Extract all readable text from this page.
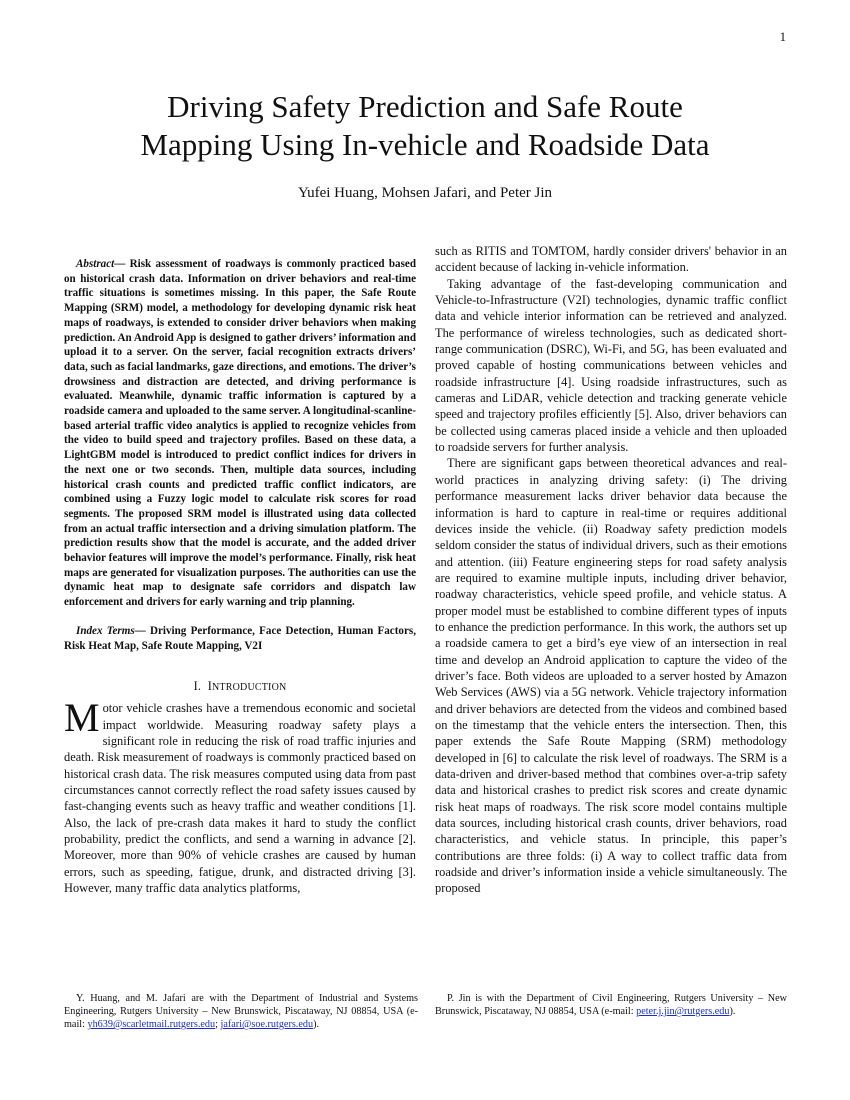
1
Driving Safety Prediction and Safe Route
Mapping Using In-vehicle and Roadside Data
Yufei Huang, Mohsen Jafari, and Peter Jin

Abstract— Risk assessment of roadways is commonly practiced based on historical crash data. Information on driver behaviors and real-time traffic situations is sometimes missing. In this paper, the Safe Route Mapping (SRM) model, a methodology for developing dynamic risk heat maps of roadways, is extended to consider driver behaviors when making prediction. An Android App is designed to gather drivers’ information and upload it to a server. On the server, facial recognition extracts drivers’ data, such as facial landmarks, gaze directions, and emotions. The driver’s drowsiness and distraction are detected, and driving performance is evaluated. Meanwhile, dynamic traffic information is captured by a roadside camera and uploaded to the same server. A longitudinal-scanline-based arterial traffic video analytics is applied to recognize vehicles from the video to build speed and trajectory profiles. Based on these data, a LightGBM model is introduced to predict conflict indices for drivers in the next one or two seconds. Then, multiple data sources, including historical crash counts and predicted traffic conflict indicators, are combined using a Fuzzy logic model to calculate risk scores for road segments. The proposed SRM model is illustrated using data collected from an actual traffic intersection and a driving simulation platform. The prediction results show that the model is accurate, and the added driver behavior features will improve the model’s performance. Finally, risk heat maps are generated for visualization purposes. The authorities can use the dynamic heat map to designate safe corridors and dispatch law enforcement and drivers for early warning and trip planning.

Index Terms— Driving Performance, Face Detection, Human Factors, Risk Heat Map, Safe Route Mapping, V2I

I. INTRODUCTION

Motor vehicle crashes have a tremendous economic and societal impact worldwide. Measuring roadway safety plays a significant role in reducing the risk of road traffic injuries and death. Risk measurement of roadways is commonly practiced based on historical crash data. The risk measures computed using data from past circumstances cannot correctly reflect the road safety issues caused by fast-changing events such as heavy traffic and weather conditions [1]. Also, the lack of pre-crash data makes it hard to study the conflict probability, predict the conflicts, and send a warning in advance [2]. Moreover, more than 90% of vehicle crashes are caused by human errors, such as speeding, fatigue, drunk, and distracted driving [3]. However, many traffic data analytics platforms,

such as RITIS and TOMTOM, hardly consider drivers' behavior in an accident because of lacking in-vehicle information.

Taking advantage of the fast-developing communication and Vehicle-to-Infrastructure (V2I) technologies, dynamic traffic conflict data and vehicle interior information can be retrieved and analyzed. The performance of wireless technologies, such as dedicated short-range communication (DSRC), Wi-Fi, and 5G, has been evaluated and proved capable of hosting communications between vehicles and roadside infrastructure [4]. Using roadside infrastructures, such as cameras and LiDAR, vehicle detection and tracking generate vehicle speed and trajectory profiles efficiently [5]. Also, driver behaviors can be collected using cameras placed inside a vehicle and then uploaded to roadside servers for further analysis.

There are significant gaps between theoretical advances and real-world practices in analyzing driving safety: (i) The driving performance measurement lacks driver behavior data because the information is hard to capture in real-time or requires additional devices inside the vehicle. (ii) Roadway safety prediction models seldom consider the status of individual drivers, such as their emotions and attention. (iii) Feature engineering steps for road safety analysis are required to examine multiple inputs, including driver behavior, roadway characteristics, vehicle speed profile, and vehicle status. A proper model must be established to combine different types of inputs to enhance the prediction performance. In this work, the authors set up a roadside camera to get a bird’s eye view of an intersection in real time and develop an Android application to capture the video of the driver’s face. Both videos are uploaded to a server hosted by Amazon Web Services (AWS) via a 5G network. Vehicle trajectory information and driver behaviors are detected from the videos and combined based on the timestamp that the vehicle enters the intersection. Then, this paper extends the Safe Route Mapping (SRM) methodology developed in [6] to calculate the risk level of roadways. The SRM is a data-driven and driver-based method that combines over-a-trip safety data and historical crashes to predict risk scores and create dynamic risk heat maps of roadways. The risk score model contains multiple data sources, including historical crash counts, driver behaviors, road characteristics, and vehicle status. In principle, this paper’s contributions are three folds: (i) A way to collect traffic data from roadside and driver’s information inside a vehicle simultaneously. The proposed

Y. Huang, and M. Jafari are with the Department of Industrial and Systems Engineering, Rutgers University – New Brunswick, Piscataway, NJ 08854, USA (e-mail: yh639@scarletmail.rutgers.edu; jafari@soe.rutgers.edu).

P. Jin is with the Department of Civil Engineering, Rutgers University – New Brunswick, Piscataway, NJ 08854, USA (e-mail: peter.j.jin@rutgers.edu).
